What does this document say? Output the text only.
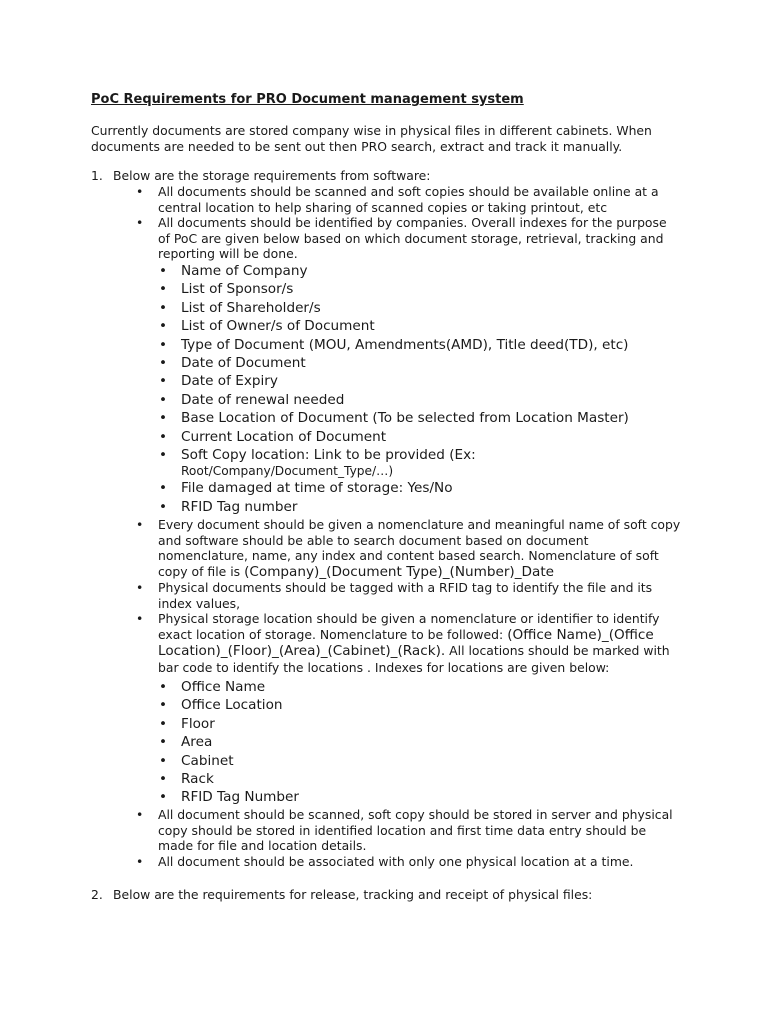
PoC Requirements for PRO Document management system
Currently documents are stored company wise in physical files in different cabinets. When documents are needed to be sent out then PRO search, extract and track it manually.
1. Below are the storage requirements from software:
• All documents should be scanned and soft copies should be available online at a central location to help sharing of scanned copies or taking printout, etc
• All documents should be identified by companies. Overall indexes for the purpose of PoC are given below based on which document storage, retrieval, tracking and reporting will be done.
• Name of Company
• List of Sponsor/s
• List of Shareholder/s
• List of Owner/s of Document
• Type of Document (MOU, Amendments(AMD), Title deed(TD), etc)
• Date of Document
• Date of Expiry
• Date of renewal needed
• Base Location of Document (To be selected from Location Master)
• Current Location of Document
• Soft Copy location: Link to be provided (Ex:
Root/Company/Document_Type/…)
• File damaged at time of storage: Yes/No
• RFID Tag number
• Every document should be given a nomenclature and meaningful name of soft copy and software should be able to search document based on document nomenclature, name, any index and content based search. Nomenclature of soft copy of file is (Company)_(Document Type)_(Number)_Date
• Physical documents should be tagged with a RFID tag to identify the file and its index values,
• Physical storage location should be given a nomenclature or identifier to identify exact location of storage. Nomenclature to be followed: (Office Name)_(Office Location)_(Floor)_(Area)_(Cabinet)_(Rack). All locations should be marked with bar code to identify the locations . Indexes for locations are given below:
• Office Name
• Office Location
• Floor
• Area
• Cabinet
• Rack
• RFID Tag Number
• All document should be scanned, soft copy should be stored in server and physical copy should be stored in identified location and first time data entry should be made for file and location details.
• All document should be associated with only one physical location at a time.
2. Below are the requirements for release, tracking and receipt of physical files:
